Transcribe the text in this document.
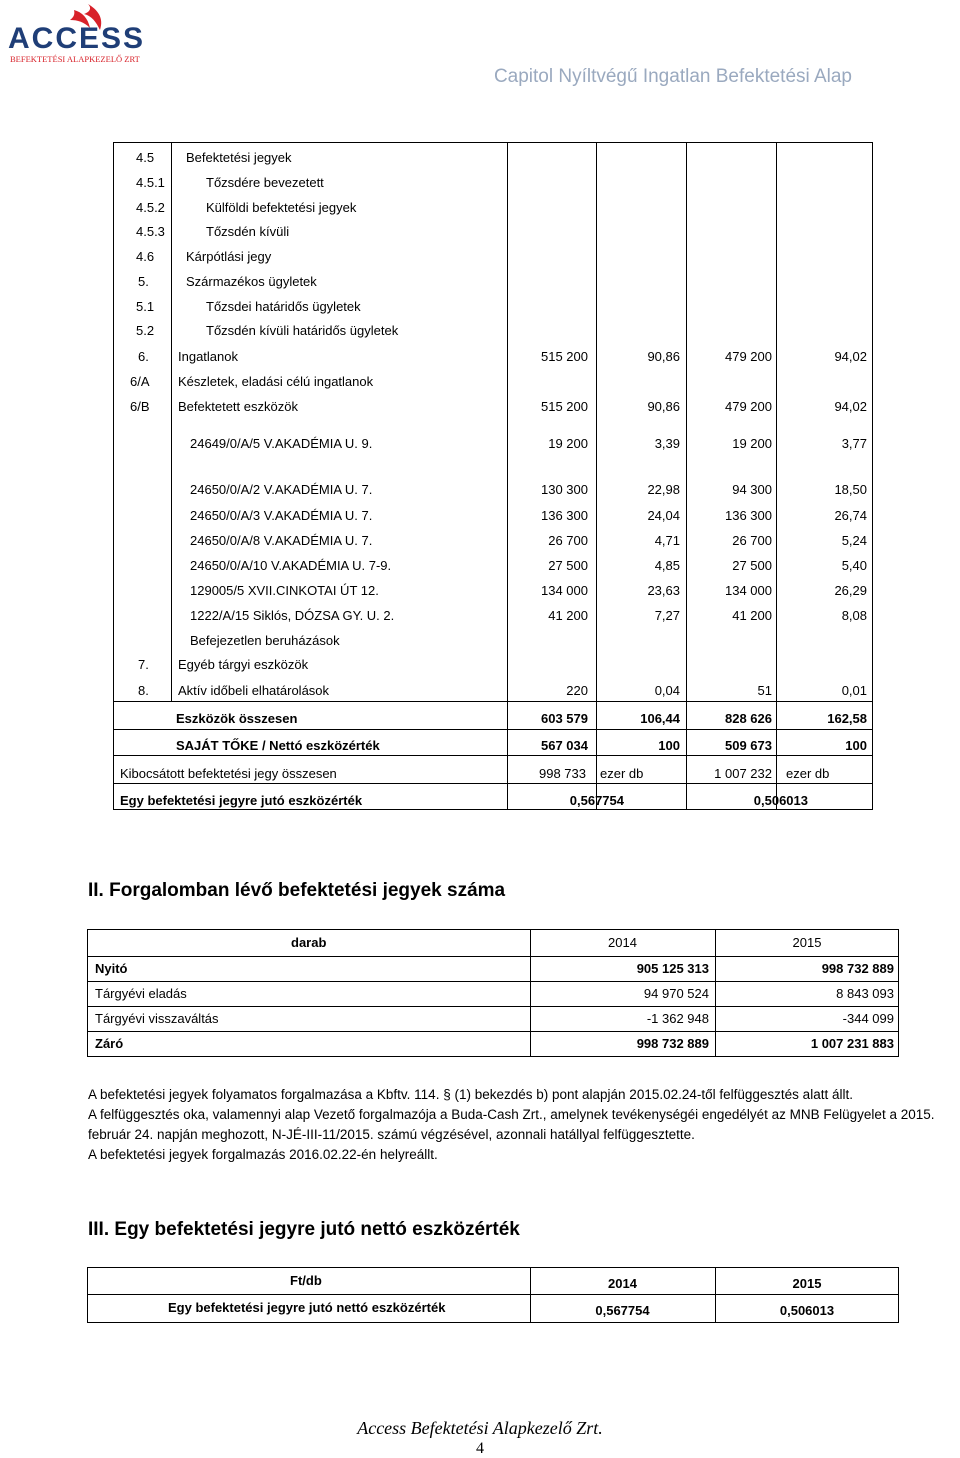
ACCESS
BEFEKTETÉSI ALAPKEZELŐ ZRT
Capitol Nyíltvégű Ingatlan Befektetési Alap
4.5 Befektetési jegyek
4.5.1	Tőzsdére bevezetett
4.5.2	Külföldi befektetési jegyek
4.5.3	Tőzsdén kívüli
4.6 Kárpótlási jegy
5.	Származékos ügyletek
5.1	Tőzsdei határidős ügyletek
5.2	Tőzsdén kívüli határidős ügyletek
6. Ingatlanok	515 200	90,86	479 200	94,02
6/A Készletek, eladási célú ingatlanok
6/B Befektetett eszközök	515 200	90,86	479 200	94,02
24649/0/A/5 V.AKADÉMIA U. 9.	19 200	3,39	19 200	3,77
24650/0/A/2 V.AKADÉMIA U. 7.	130 300	22,98	94 300	18,50
24650/0/A/3 V.AKADÉMIA U. 7.	136 300	24,04	136 300	26,74
24650/0/A/8 V.AKADÉMIA U. 7.	26 700	4,71	26 700	5,24
24650/0/A/10 V.AKADÉMIA U. 7-9.	27 500	4,85	27 500	5,40
129005/5 XVII.CINKOTAI ÚT 12.	134 000	23,63	134 000	26,29
1222/A/15 Siklós, DÓZSA GY. U. 2.	41 200	7,27	41 200	8,08
Befejezetlen beruházások
7. Egyéb tárgyi eszközök
8. Aktív időbeli elhatárolások	220	0,04	51	0,01
Eszközök összesen	603 579	106,44	828 626	162,58
SAJÁT TŐKE / Nettó eszközérték	567 034	100	509 673	100
Kibocsátott befektetési jegy összesen	998 733 ezer db	1 007 232 ezer db
Egy befektetési jegyre jutó eszközérték	0,567754	0,506013
II. Forgalomban lévő befektetési jegyek száma
darab	2014	2015
Nyitó	905 125 313	998 732 889
Tárgyévi eladás	94 970 524	8 843 093
Tárgyévi visszaváltás	-1 362 948	-344 099
Záró	998 732 889	1 007 231 883
A befektetési jegyek folyamatos forgalmazása a Kbftv. 114. § (1) bekezdés b) pont alapján 2015.02.24-től felfüggesztés alatt állt.
A felfüggesztés oka, valamennyi alap Vezető forgalmazója a Buda-Cash Zrt., amelynek tevékenységéi engedélyét az MNB Felügyelet a 2015.
február 24. napján meghozott, N-JÉ-III-11/2015. számú végzésével, azonnali hatállyal felfüggesztette.
A befektetési jegyek forgalmazás 2016.02.22-én helyreállt.
III. Egy befektetési jegyre jutó nettó eszközérték
Ft/db	2014	2015
Egy befektetési jegyre jutó nettó eszközérték	0,567754	0,506013
Access Befektetési Alapkezelő Zrt.
4
